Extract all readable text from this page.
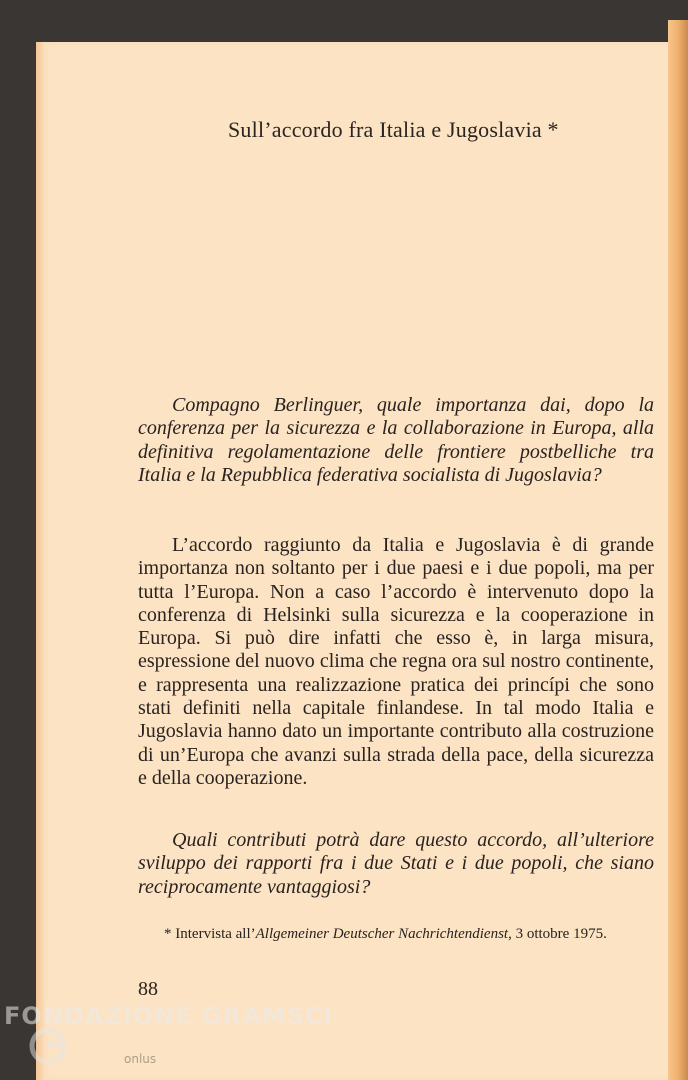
Sull’accordo fra Italia e Jugoslavia *

Compagno Berlinguer, quale importanza dai, dopo la conferenza per la sicurezza e la collaborazione in Europa, alla definitiva regolamentazione delle frontiere postbelliche tra Italia e la Repubblica federativa socialista di Jugoslavia?

L’accordo raggiunto da Italia e Jugoslavia è di grande importanza non soltanto per i due paesi e i due popoli, ma per tutta l’Europa. Non a caso l’accordo è intervenuto dopo la conferenza di Helsinki sulla sicurezza e la cooperazione in Europa. Si può dire infatti che esso è, in larga misura, espressione del nuovo clima che regna ora sul nostro continente, e rappresenta una realizzazione pratica dei princípi che sono stati definiti nella capitale finlandese. In tal modo Italia e Jugoslavia hanno dato un importante contributo alla costruzione di un’Europa che avanzi sulla strada della pace, della sicurezza e della cooperazione.

Quali contributi potrà dare questo accordo, all’ulteriore sviluppo dei rapporti fra i due Stati e i due popoli, che siano reciprocamente vantaggiosi?

* Intervista all’Allgemeiner Deutscher Nachrichtendienst, 3 ottobre 1975.

88
FONDAZIONE GRAMSCI
onlus
